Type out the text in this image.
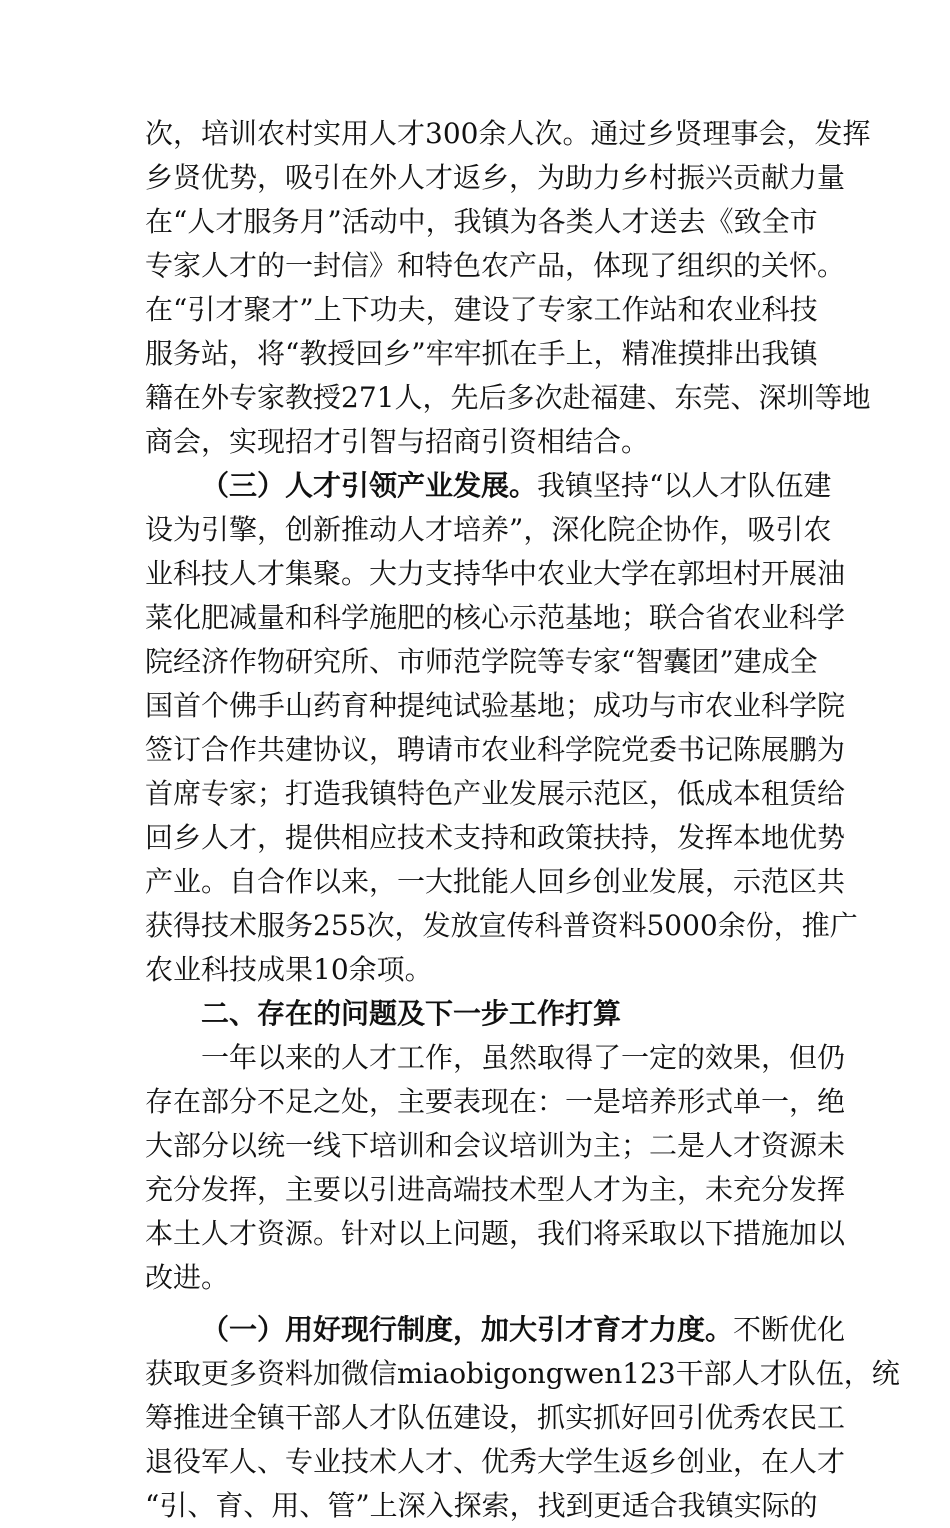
次，培训农村实用人才300余人次。通过乡贤理事会，发挥
乡贤优势，吸引在外人才返乡，为助力乡村振兴贡献力量
在“人才服务月”活动中，我镇为各类人才送去《致全市
专家人才的一封信》和特色农产品，体现了组织的关怀。
在“引才聚才”上下功夫，建设了专家工作站和农业科技
服务站，将“教授回乡”牢牢抓在手上，精准摸排出我镇
籍在外专家教授271人，先后多次赴福建、东莞、深圳等地
商会，实现招才引智与招商引资相结合。
（三）人才引领产业发展。我镇坚持“以人才队伍建
设为引擎，创新推动人才培养”，深化院企协作，吸引农
业科技人才集聚。大力支持华中农业大学在郭坦村开展油
菜化肥减量和科学施肥的核心示范基地；联合省农业科学
院经济作物研究所、市师范学院等专家“智囊团”建成全
国首个佛手山药育种提纯试验基地；成功与市农业科学院
签订合作共建协议，聘请市农业科学院党委书记陈展鹏为
首席专家；打造我镇特色产业发展示范区，低成本租赁给
回乡人才，提供相应技术支持和政策扶持，发挥本地优势
产业。自合作以来，一大批能人回乡创业发展，示范区共
获得技术服务255次，发放宣传科普资料5000余份，推广
农业科技成果10余项。
二、存在的问题及下一步工作打算
一年以来的人才工作，虽然取得了一定的效果，但仍
存在部分不足之处，主要表现在：一是培养形式单一，绝
大部分以统一线下培训和会议培训为主；二是人才资源未
充分发挥，主要以引进高端技术型人才为主，未充分发挥
本土人才资源。针对以上问题，我们将采取以下措施加以
改进。
（一）用好现行制度，加大引才育才力度。不断优化
获取更多资料加微信miaobigongwen123干部人才队伍，统
筹推进全镇干部人才队伍建设，抓实抓好回引优秀农民工
退役军人、专业技术人才、优秀大学生返乡创业，在人才
“引、育、用、管”上深入探索，找到更适合我镇实际的
